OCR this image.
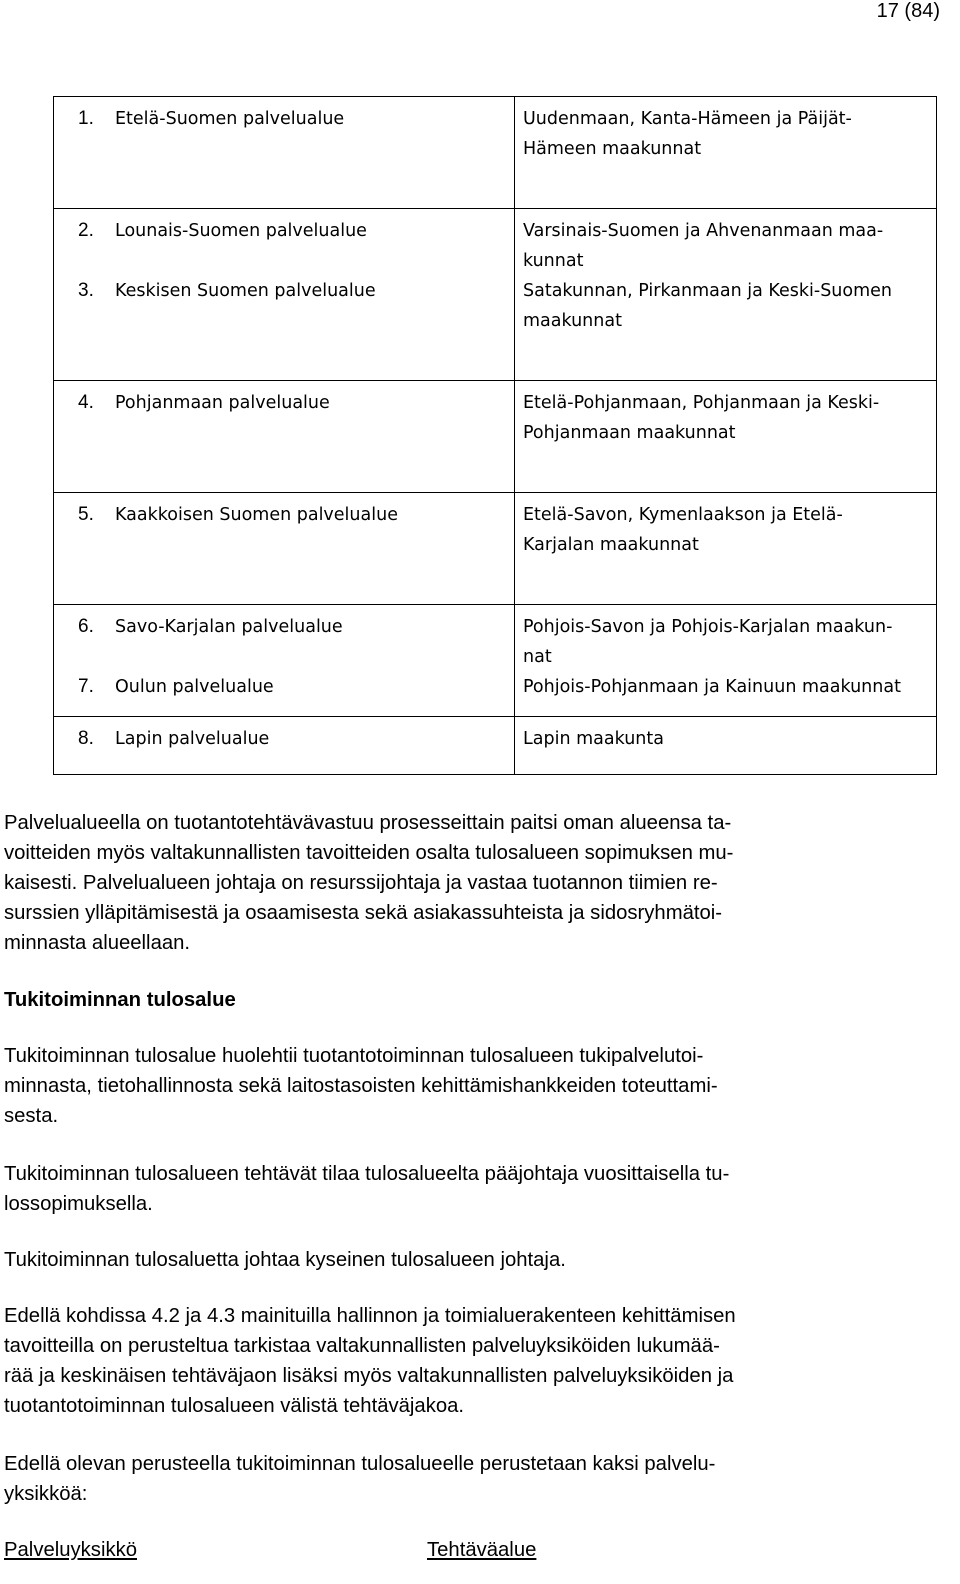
17 (84)
1. Etelä-Suomen palvelualue	Uudenmaan, Kanta-Hämeen ja Päijät-
Hämeen maakunnat

2. Lounais-Suomen palvelualue	Varsinais-Suomen ja Ahvenanmaan maa-
kunnat

3. Keskisen Suomen palvelualue	Satakunnan, Pirkanmaan ja Keski-Suomen
maakunnat

4. Pohjanmaan palvelualue	Etelä-Pohjanmaan, Pohjanmaan ja Keski-
Pohjanmaan maakunnat

5. Kaakkoisen Suomen palvelualue	Etelä-Savon, Kymenlaakson ja Etelä-
Karjalan maakunnat

6. Savo-Karjalan palvelualue	Pohjois-Savon ja Pohjois-Karjalan maakun-
nat

7. Oulun palvelualue	Pohjois-Pohjanmaan ja Kainuun maakunnat

8. Lapin palvelualue	Lapin maakunta
Palvelualueella on tuotantotehtävävastuu prosesseittain paitsi oman alueensa ta-
voitteiden myös valtakunnallisten tavoitteiden osalta tulosalueen sopimuksen mu-
kaisesti. Palvelualueen johtaja on resurssijohtaja ja vastaa tuotannon tiimien re-
surssien ylläpitämisestä ja osaamisesta sekä asiakassuhteista ja sidosryhmätoi-
minnasta alueellaan.
Tukitoiminnan tulosalue
Tukitoiminnan tulosalue huolehtii tuotantotoiminnan tulosalueen tukipalvelutoi-
minnasta, tietohallinnosta sekä laitostasoisten kehittämishankkeiden toteuttami-
sesta.
Tukitoiminnan tulosalueen tehtävät tilaa tulosalueelta pääjohtaja vuosittaisella tu-
lossopimuksella.
Tukitoiminnan tulosaluetta johtaa kyseinen tulosalueen johtaja.
Edellä kohdissa 4.2 ja 4.3 mainituilla hallinnon ja toimialuerakenteen kehittämisen
tavoitteilla on perusteltua tarkistaa valtakunnallisten palveluyksiköiden lukumää-
rää ja keskinäisen tehtäväjaon lisäksi myös valtakunnallisten palveluyksiköiden ja
tuotantotoiminnan tulosalueen välistä tehtäväjakoa.
Edellä olevan perusteella tukitoiminnan tulosalueelle perustetaan kaksi palvelu-
yksikköä:
Palveluyksikkö	Tehtäväalue
